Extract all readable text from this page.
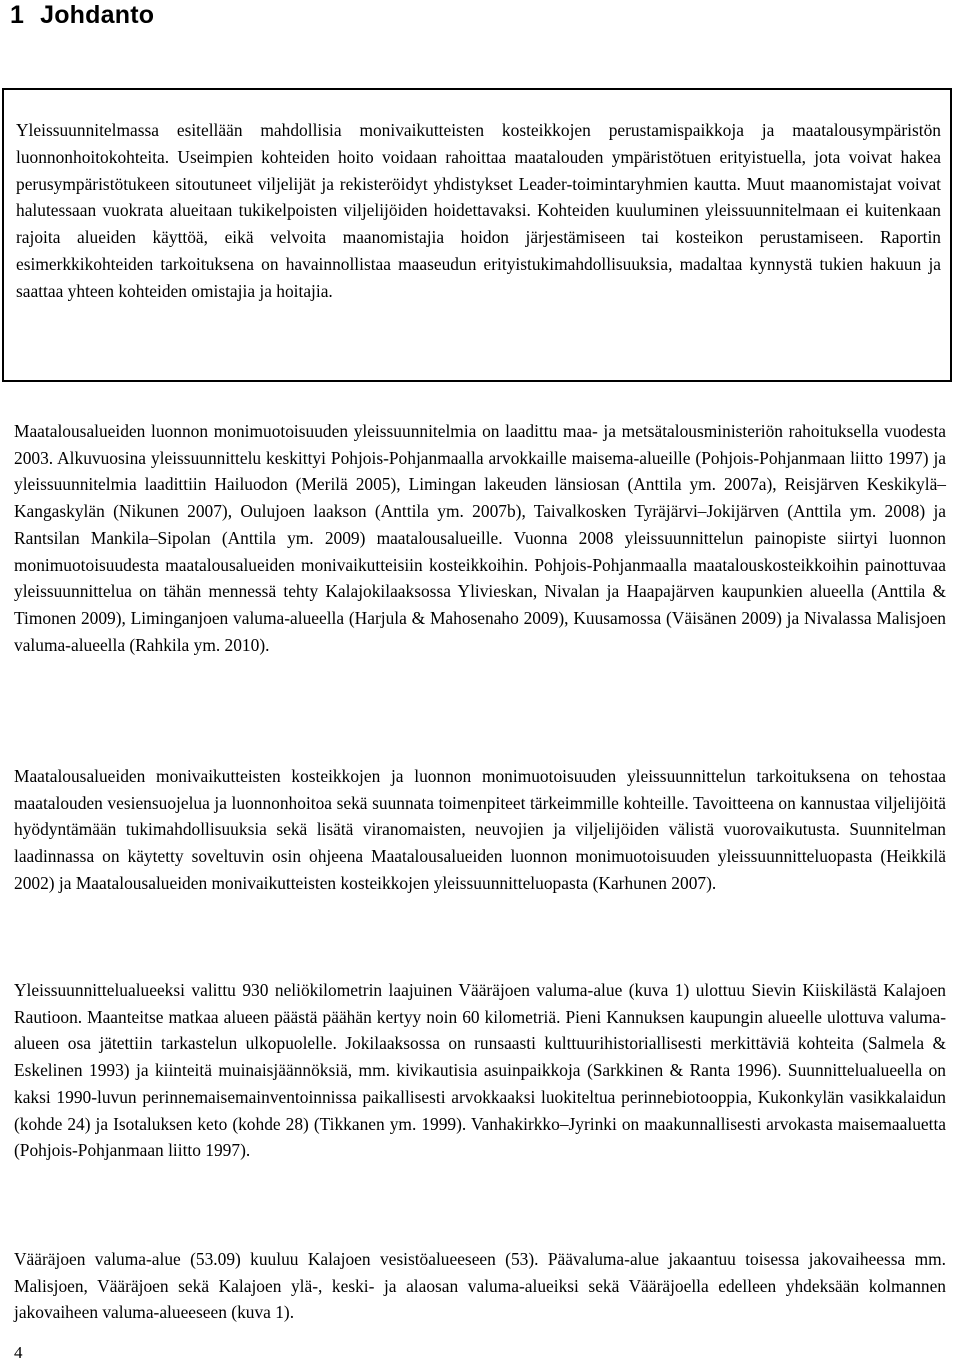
1 Johdanto

Yleissuunnitelmassa esitellään mahdollisia monivaikutteisten kosteikkojen perustamispaikkoja ja maatalousympäristön luonnonhoitokohteita. Useimpien kohteiden hoito voidaan rahoittaa maatalouden ympäristötuen erityistuella, jota voivat hakea perusympäristötukeen sitoutuneet viljelijät ja rekisteröidyt yhdistykset Leader-toimintaryhmien kautta. Muut maanomistajat voivat halutessaan vuokrata alueitaan tukikelpoisten viljelijöiden hoidettavaksi. Kohteiden kuuluminen yleissuunnitelmaan ei kuitenkaan rajoita alueiden käyttöä, eikä velvoita maanomistajia hoidon järjestämiseen tai kosteikon perustamiseen. Raportin esimerkkikohteiden tarkoituksena on havainnollistaa maaseudun erityistukimahdollisuuksia, madaltaa kynnystä tukien hakuun ja saattaa yhteen kohteiden omistajia ja hoitajia.

Maatalousalueiden luonnon monimuotoisuuden yleissuunnitelmia on laadittu maa- ja metsätalousministeriön rahoituksella vuodesta 2003. Alkuvuosina yleissuunnittelu keskittyi Pohjois-Pohjanmaalla arvokkaille maisema-alueille (Pohjois-Pohjanmaan liitto 1997) ja yleissuunnitelmia laadittiin Hailuodon (Merilä 2005), Limingan lakeuden länsiosan (Anttila ym. 2007a), Reisjärven Keskikylä–Kangaskylän (Nikunen 2007), Oulujoen laakson (Anttila ym. 2007b), Taivalkosken Tyräjärvi–Jokijärven (Anttila ym. 2008) ja Rantsilan Mankila–Sipolan (Anttila ym. 2009) maatalousalueille. Vuonna 2008 yleissuunnittelun painopiste siirtyi luonnon monimuotoisuudesta maatalousalueiden monivaikutteisiin kosteikkoihin. Pohjois-Pohjanmaalla maatalouskosteikkoihin painottuvaa yleissuunnittelua on tähän mennessä tehty Kalajokilaaksossa Ylivieskan, Nivalan ja Haapajärven kaupunkien alueella (Anttila & Timonen 2009), Liminganjoen valuma-alueella (Harjula & Mahosenaho 2009), Kuusamossa (Väisänen 2009) ja Nivalassa Malisjoen valuma-alueella (Rahkila ym. 2010).

Maatalousalueiden monivaikutteisten kosteikkojen ja luonnon monimuotoisuuden yleissuunnittelun tarkoituksena on tehostaa maatalouden vesiensuojelua ja luonnonhoitoa sekä suunnata toimenpiteet tärkeimmille kohteille. Tavoitteena on kannustaa viljelijöitä hyödyntämään tukimahdollisuuksia sekä lisätä viranomaisten, neuvojien ja viljelijöiden välistä vuorovaikutusta. Suunnitelman laadinnassa on käytetty soveltuvin osin ohjeena Maatalousalueiden luonnon monimuotoisuuden yleissuunnitteluopasta (Heikkilä 2002) ja Maatalousalueiden monivaikutteisten kosteikkojen yleissuunnitteluopasta (Karhunen 2007).

Yleissuunnittelualueeksi valittu 930 neliökilometrin laajuinen Vääräjoen valuma-alue (kuva 1) ulottuu Sievin Kiiskilästä Kalajoen Rautioon. Maanteitse matkaa alueen päästä päähän kertyy noin 60 kilometriä. Pieni Kannuksen kaupungin alueelle ulottuva valuma-alueen osa jätettiin tarkastelun ulkopuolelle. Jokilaaksossa on runsaasti kulttuurihistoriallisesti merkittäviä kohteita (Salmela & Eskelinen 1993) ja kiinteitä muinaisjäännöksiä, mm. kivikautisia asuinpaikkoja (Sarkkinen & Ranta 1996). Suunnittelualueella on kaksi 1990-luvun perinnemaisemainventoinnissa paikallisesti arvokkaaksi luokiteltua perinnebiotooppia, Kukonkylän vasikkalaidun (kohde 24) ja Isotaluksen keto (kohde 28) (Tikkanen ym. 1999). Vanhakirkko–Jyrinki on maakunnallisesti arvokasta maisemaaluetta (Pohjois-Pohjanmaan liitto 1997).

Vääräjoen valuma-alue (53.09) kuuluu Kalajoen vesistöalueeseen (53). Päävaluma-alue jakaantuu toisessa jakovaiheessa mm. Malisjoen, Vääräjoen sekä Kalajoen ylä-, keski- ja alaosan valuma-alueiksi sekä Vääräjoella edelleen yhdeksään kolmannen jakovaiheen valuma-alueeseen (kuva 1).

4
